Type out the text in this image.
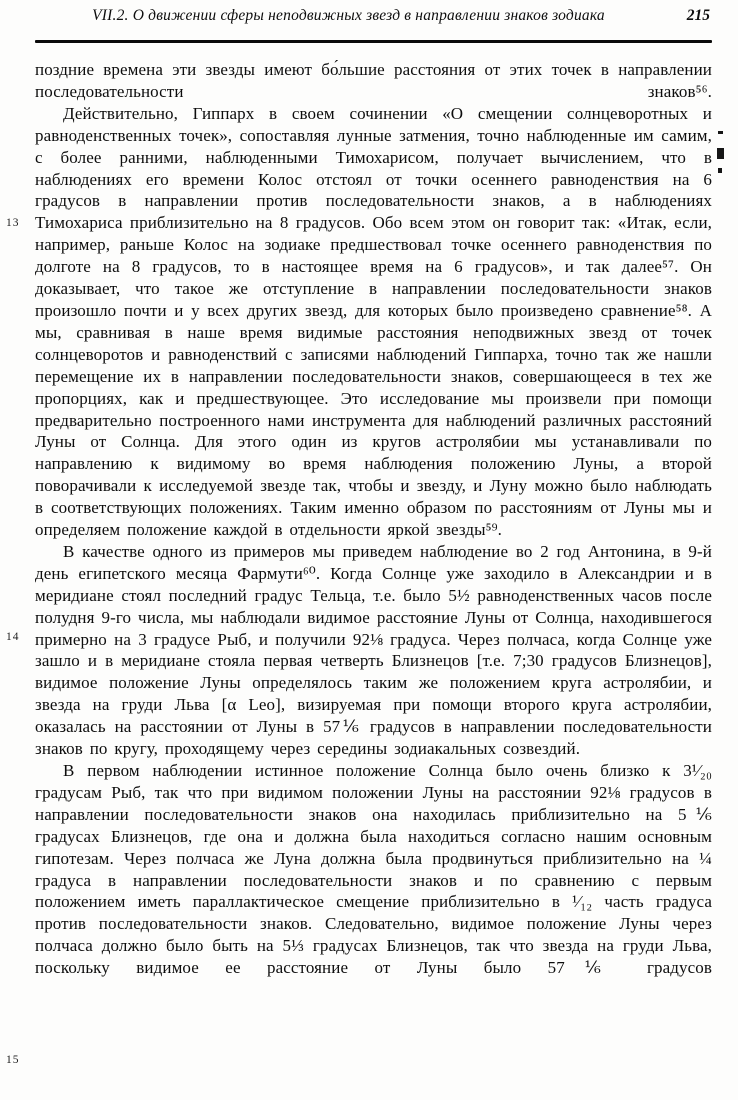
VII.2. О движении сферы неподвижных звезд в направлении знаков зодиака	215
13
14
15

поздние времена эти звезды имеют бо́льшие расстояния от этих точек в направлении последовательности знаков⁵⁶.

Действительно, Гиппарх в своем сочинении «О смещении солнцеворотных и равноденственных точек», сопоставляя лунные затмения, точно наблюденные им самим, с более ранними, наблюденными Тимохарисом, получает вычислением, что в наблюдениях его времени Колос отстоял от точки осеннего равноденствия на 6 градусов в направлении против последовательности знаков, а в наблюдениях Тимохариса приблизительно на 8 градусов. Обо всем этом он говорит так: «Итак, если, например, раньше Колос на зодиаке предшествовал точке осеннего равноденствия по долготе на 8 градусов, то в настоящее время на 6 градусов», и так далее⁵⁷. Он доказывает, что такое же отступление в направлении последовательности знаков произошло почти и у всех других звезд, для которых было произведено сравнение⁵⁸. А мы, сравнивая в наше время видимые расстояния неподвижных звезд от точек солнцеворотов и равноденствий с записями наблюдений Гиппарха, точно так же нашли перемещение их в направлении последовательности знаков, совершающееся в тех же пропорциях, как и предшествующее. Это исследование мы произвели при помощи предварительно построенного нами инструмента для наблюдений различных расстояний Луны от Солнца. Для этого один из кругов астролябии мы устанавливали по направлению к видимому во время наблюдения положению Луны, а второй поворачивали к исследуемой звезде так, чтобы и звезду, и Луну можно было наблюдать в соответствующих положениях. Таким именно образом по расстояниям от Луны мы и определяем положение каждой в отдельности яркой звезды⁵⁹.

В качестве одного из примеров мы приведем наблюдение во 2 год Антонина, в 9-й день египетского месяца Фармути⁶⁰. Когда Солнце уже заходило в Александрии и в меридиане стоял последний градус Тельца, т.е. было 5½ равноденственных часов после полудня 9-го числа, мы наблюдали видимое расстояние Луны от Солнца, находившегося примерно на 3 градусе Рыб, и получили 92⅛ градуса. Через полчаса, когда Солнце уже зашло и в меридиане стояла первая четверть Близнецов [т.е. 7;30 градусов Близнецов], видимое положение Луны определялось таким же положением круга астролябии, и звезда на груди Льва [α Leo], визируемая при помощи второго круга астролябии, оказалась на расстоянии от Луны в 57⅙ градусов в направлении последовательности знаков по кругу, проходящему через середины зодиакальных созвездий.

В первом наблюдении истинное положение Солнца было очень близко к 3¹⁄₂₀ градусам Рыб, так что при видимом положении Луны на расстоянии 92⅛ градусов в направлении последовательности знаков она находилась приблизительно на 5⅙ градусах Близнецов, где она и должна была находиться согласно нашим основным гипотезам. Через полчаса же Луна должна была продвинуться приблизительно на ¼ градуса в направлении последовательности знаков и по сравнению с первым положением иметь параллактическое смещение приблизительно в ¹⁄₁₂ часть градуса против последовательности знаков. Следовательно, видимое положение Луны через полчаса должно было быть на 5⅓ градусах Близнецов, так что звезда на груди Льва, поскольку видимое ее расстояние от Луны было 57⅙ градусов
